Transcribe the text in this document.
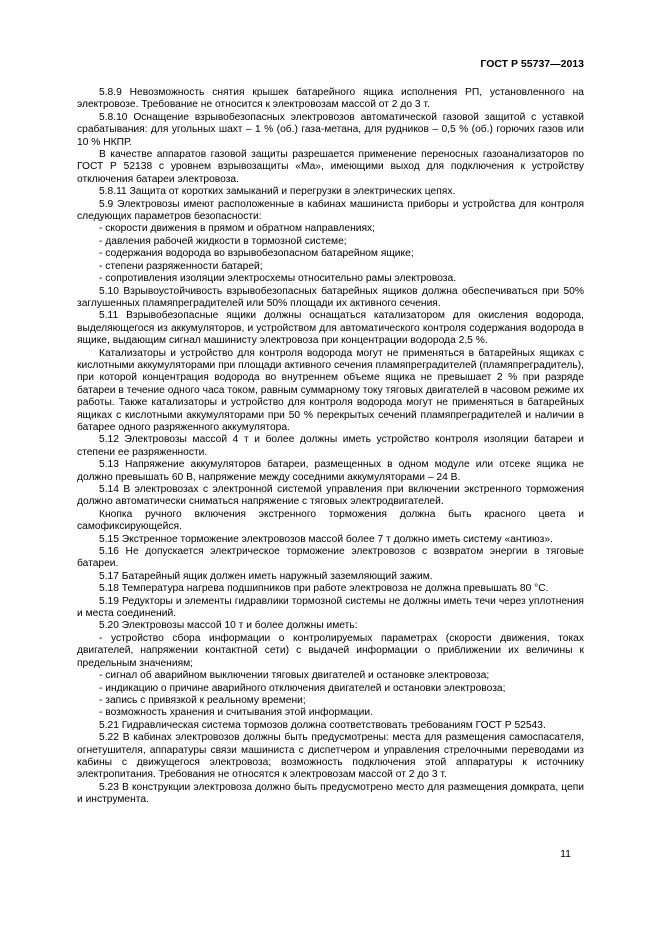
ГОСТ Р 55737—2013

5.8.9 Невозможность снятия крышек батарейного ящика исполнения РП, установленного на электровозе. Требование не относится к электровозам массой от 2 до 3 т.

5.8.10 Оснащение взрывобезопасных электровозов автоматической газовой защитой с уставкой срабатывания: для угольных шахт – 1 % (об.) газа-метана, для рудников – 0,5 % (об.) горючих газов или 10 % НКПР.

В качестве аппаратов газовой защиты разрешается применение переносных газоанализаторов по ГОСТ Р 52138 с уровнем взрывозащиты «Ма», имеющими выход для подключения к устройству отключения батареи электровоза.

5.8.11 Защита от коротких замыканий и перегрузки в электрических цепях.

5.9 Электровозы имеют расположенные в кабинах машиниста приборы и устройства для контроля следующих параметров безопасности:

- скорости движения в прямом и обратном направлениях;

- давления рабочей жидкости в тормозной системе;

- содержания водорода во взрывобезопасном батарейном ящике;

- степени разряженности батарей;

- сопротивления изоляции электросхемы относительно рамы электровоза.

5.10 Взрывоустойчивость взрывобезопасных батарейных ящиков должна обеспечиваться при 50% заглушенных пламяпреградителей или 50% площади их активного сечения.

5.11 Взрывобезопасные ящики должны оснащаться катализатором для окисления водорода, выделяющегося из аккумуляторов, и устройством для автоматического контроля содержания водорода в ящике, выдающим сигнал машинисту электровоза при концентрации водорода 2,5 %.

Катализаторы и устройство для контроля водорода могут не применяться в батарейных ящиках с кислотными аккумуляторами при площади активного сечения пламяпреградителей (пламяпреградитель), при которой концентрация водорода во внутреннем объеме ящика не превышает 2 % при разряде батареи в течение одного часа током, равным суммарному току тяговых двигателей в часовом режиме их работы. Также катализаторы и устройство для контроля водорода могут не применяться в батарейных ящиках с кислотными аккумуляторами при 50 % перекрытых сечений пламяпреградителей и наличии в батарее одного разряженного аккумулятора.

5.12 Электровозы массой 4 т и более должны иметь устройство контроля изоляции батареи и степени ее разряженности.

5.13 Напряжение аккумуляторов батареи, размещенных в одном модуле или отсеке ящика не должно превышать 60 В, напряжение между соседними аккумуляторами – 24 В.

5.14 В электровозах с электронной системой управления при включении экстренного торможения должно автоматически сниматься напряжение с тяговых электродвигателей.

Кнопка ручного включения экстренного торможения должна быть красного цвета и самофиксирующейся.

5.15 Экстренное торможение электровозов массой более 7 т должно иметь систему «антиюз».

5.16 Не допускается электрическое торможение электровозов с возвратом энергии в тяговые батареи.

5.17 Батарейный ящик должен иметь наружный заземляющий зажим.

5.18 Температура нагрева подшипников при работе электровоза не должна превышать 80 °С.

5.19 Редукторы и элементы гидравлики тормозной системы не должны иметь течи через уплотнения и места соединений.

5.20 Электровозы массой 10 т и более должны иметь:

- устройство сбора информации о контролируемых параметрах (скорости движения, токах двигателей, напряжении контактной сети) с выдачей информации о приближении их величины к предельным значениям;

- сигнал об аварийном выключении тяговых двигателей и остановке электровоза;

- индикацию о причине аварийного отключения двигателей и остановки электровоза;

- запись с привязкой к реальному времени;

- возможность хранения и считывания этой информации.

5.21 Гидравлическая система тормозов должна соответствовать требованиям ГОСТ Р 52543.

5.22 В кабинах электровозов должны быть предусмотрены: места для размещения самоспасателя, огнетушителя, аппаратуры связи машиниста с диспетчером и управления стрелочными переводами из кабины с движущегося электровоза; возможность подключения этой аппаратуры к источнику электропитания. Требования не относятся к электровозам массой от 2 до 3 т.

5.23 В конструкции электровоза должно быть предусмотрено место для размещения домкрата, цепи и инструмента.

11
